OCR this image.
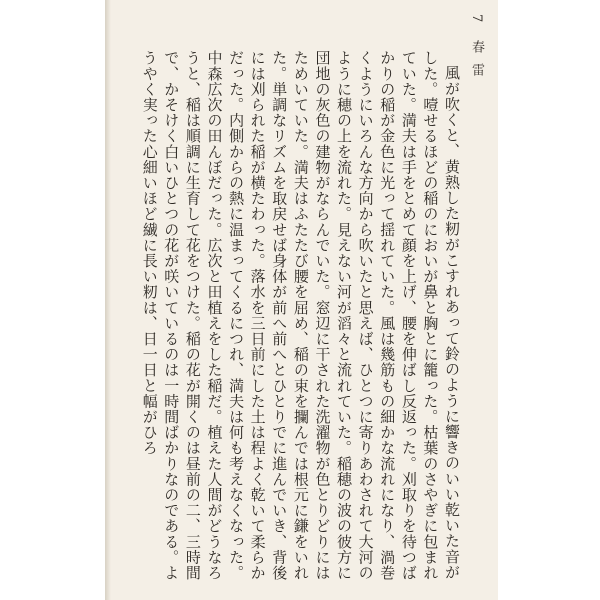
7 春雷

風が吹くと、黄熟した籾がこすれあって鈴のように響きのいい乾いた音がした。噎せるほどの稲のにおいが鼻と胸とに籠った。枯葉のさやぎに包まれていた。満夫は手をとめて顔を上げ、腰を伸ばし反返った。刈取りを待つばかりの稲が金色に光って揺れていた。風は幾筋もの細かな流れになり、渦巻くようにいろんな方向から吹いたと思えば、ひとつに寄りあわされて大河のように穂の上を流れた。見えない河が滔々と流れていた。稲穂の波の彼方に団地の灰色の建物がならんでいた。窓辺に干された洗濯物が色とりどりにはためいていた。満夫はふたたび腰を屈め、稲の束を攔んでは根元に鎌をいれた。単調なリズムを取戻せば身体が前へ前へとひとりでに進んでいき、背後には刈られた稲が横たわった。落水を三日前にした土は程よく乾いて柔らかだった。内側からの熱に温まってくるにつれ、満夫は何も考えなくなった。

中森広次の田んぼだった。広次と田植えをした稲だ。植えた人間がどうなろうと、稲は順調に生育して花をつけた。稲の花が開くのは昼前の二、三時間で、かそけく白いひとつの花が咲いているのは一時間ばかりなのである。ようやく実った心細いほど繊に長い籾は、日一日と幅がひろ
